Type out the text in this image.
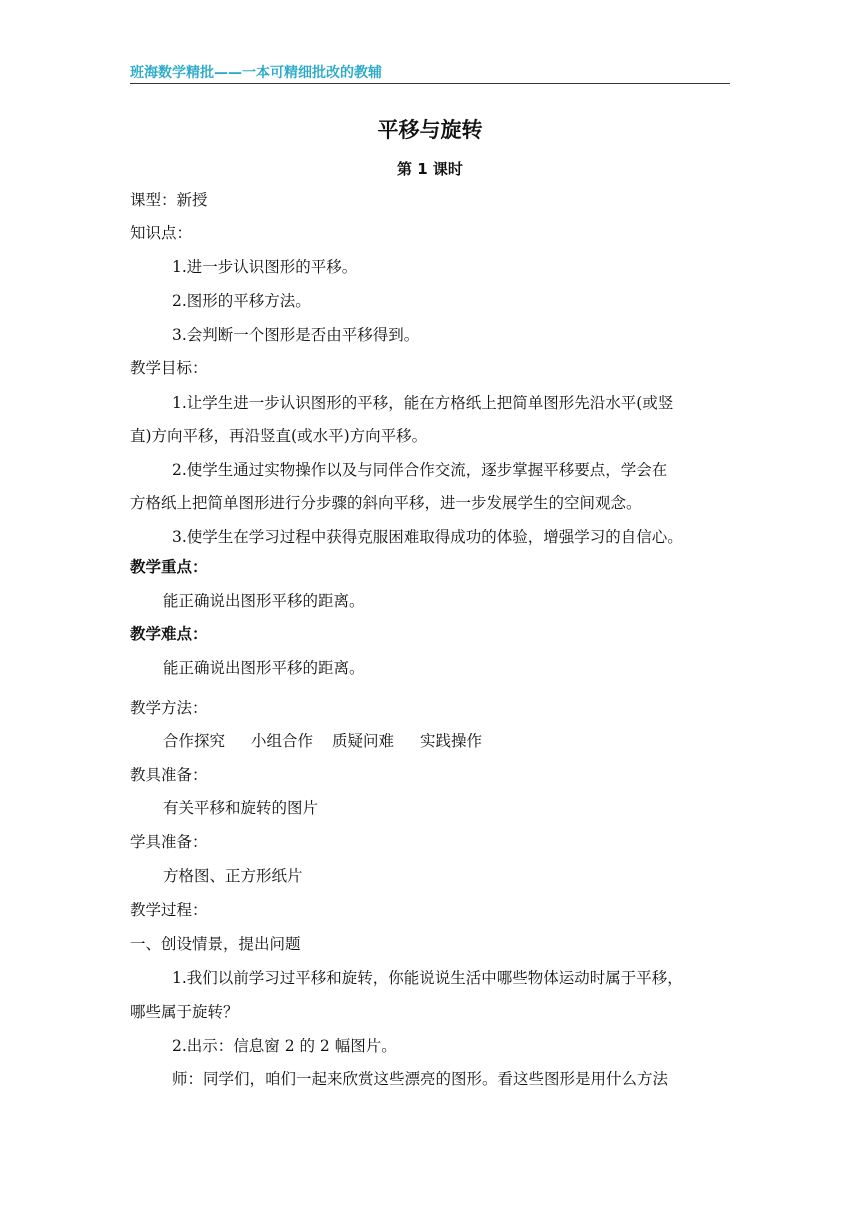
班海数学精批——一本可精细批改的教辅
平移与旋转
第 1 课时
课型：新授
知识点：
1.进一步认识图形的平移。
2.图形的平移方法。
3.会判断一个图形是否由平移得到。
教学目标：
1.让学生进一步认识图形的平移，能在方格纸上把简单图形先沿水平(或竖
直)方向平移，再沿竖直(或水平)方向平移。
2.使学生通过实物操作以及与同伴合作交流，逐步掌握平移要点，学会在
方格纸上把简单图形进行分步骤的斜向平移，进一步发展学生的空间观念。
3.使学生在学习过程中获得克服困难取得成功的体验，增强学习的自信心。
教学重点：
能正确说出图形平移的距离。
教学难点：
能正确说出图形平移的距离。
教学方法：
合作探究 小组合作 质疑问难 实践操作
教具准备：
有关平移和旋转的图片
学具准备：
方格图、正方形纸片
教学过程：
一、创设情景，提出问题
1.我们以前学习过平移和旋转，你能说说生活中哪些物体运动时属于平移，
哪些属于旋转？
2.出示：信息窗 2 的 2 幅图片。
师：同学们，咱们一起来欣赏这些漂亮的图形。看这些图形是用什么方法
